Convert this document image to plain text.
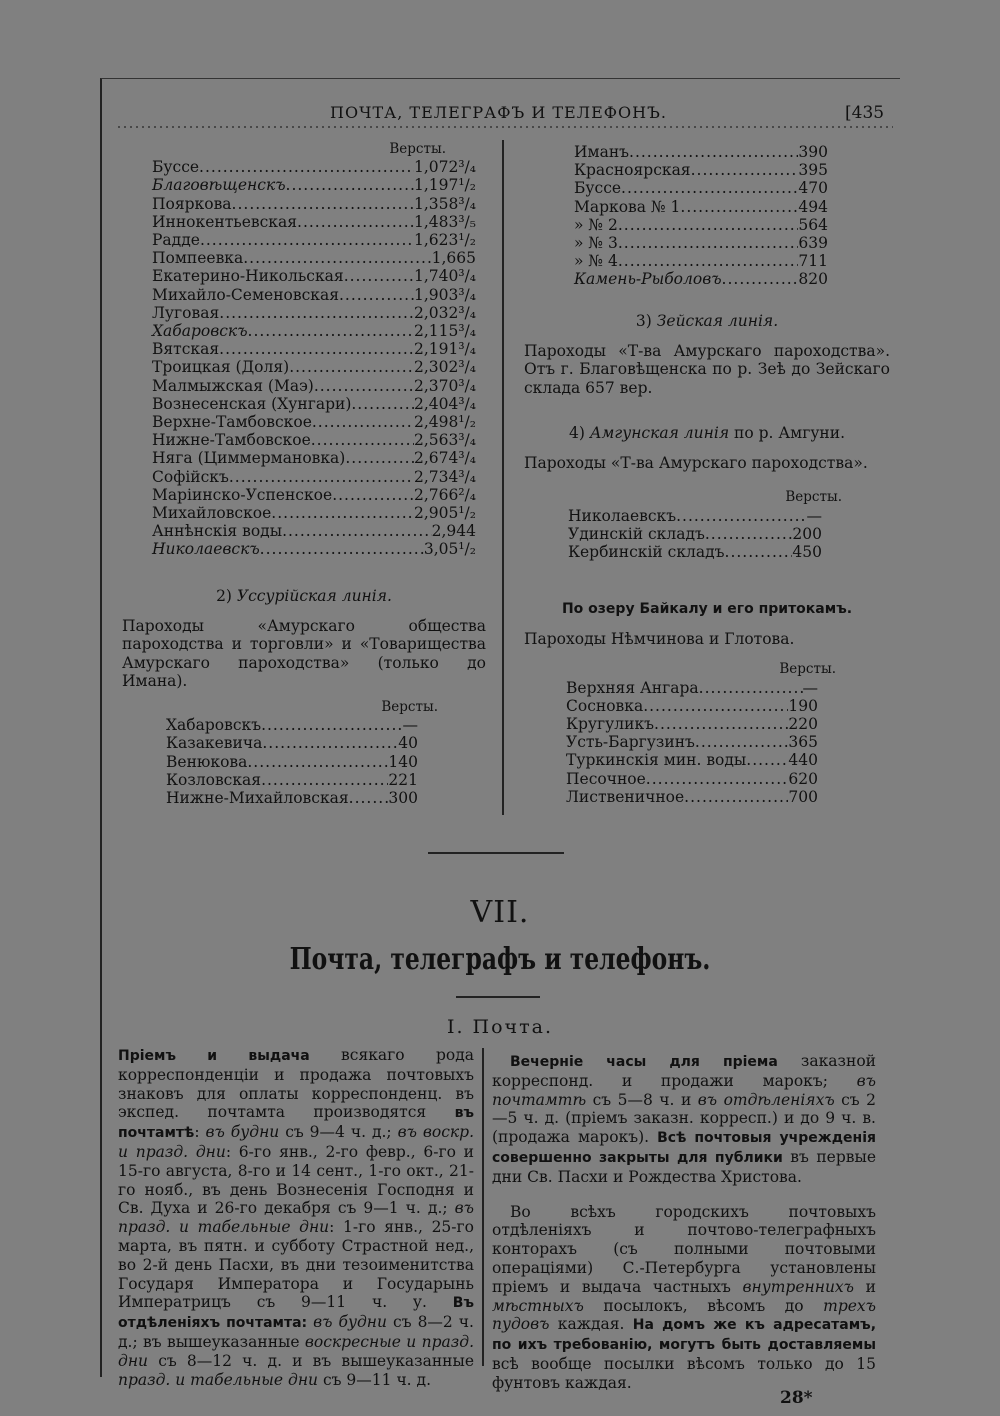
ПОЧТА, ТЕЛЕГРАФЪ И ТЕЛЕФОНЪ.	[435
Версты.
Буссе .....	1,072³/₄
Благовѣщенскъ .....	1,197¹/₂
Поярк​ова .....	1,358³/₄
Иннокентьевская .....	1,483³/₅
Радде .....	1,623¹/₂
Помпеевка .....	1,665
Екатерино-Никольская .....	1,740³/₄
Михайло-Семеновская .....	1,903³/₄
Луговая .....	2,032³/₄
Хабаровскъ .....	2,115³/₄
Вятская .....	2,191³/₄
Троицкая (Доля) .....	2,302³/₄
Малмыжская (Маэ) .....	2,370³/₄
Вознесенская (Хунгари) .....	2,404³/₄
Верхне-Тамбовское .....	2,498¹/₂
Нижне-Тамбовское .....	2,563³/₄
Няга (Циммермановка) .....	2,674³/₄
Софійскъ .....	2,734³/₄
Маріинско-Успенское .....	2,766²/₄
Михайловское .....	2,905¹/₂
Аннѣнскія воды .....	2,944
Николаевскъ .....	3,05¹/₂
2) Уссурійская линія.
Пароходы «Амурскаго общества пароходства и торговли» и «Товарищества Амурскаго пароходства» (только до Имана).
Версты.
Хабаровскъ .....	—
Казакевича .....	40
Венюкова .....	140
Козловская .....	221
Нижне-Михайловская .....	300
Иманъ .....	390
Красноярская .....	395
Буссе .....	470
Маркова № 1 .....	494
» № 2 .....	564
» № 3 .....	639
» № 4 .....	711
Камень-Рыболовъ .....	820
3) Зейская линія.
Пароходы «Т-ва Амурскаго пароходства». Отъ г. Благовѣщенска по р. Зеѣ до Зейскаго склада 657 вер.
4) Амгунская линія по р. Амгуни.
Пароходы «Т-ва Амурскаго пароходства».
Версты.
Николаевскъ .....	—
Удинскій складъ .....	200
Кербинскій складъ .....	450
По озеру Байкалу и его притокамъ.
Пароходы Нѣмчинова и Глотова.
Версты.
Верхняя Ангара .....	—
Сосновка .....	190
Кругуликъ .....	220
Усть-Баргузинъ .....	365
Туркинскія мин. воды .....	440
Песочное .....	620
Лиственичное .....	700
VII.
Почта, телеграфъ и телефонъ.
I. Почта.
Пріемъ и выдача всякаго рода корреспонденціи и продажа почтовыхъ знаковъ для оплаты корреспонденц. въ экспед. почтамта производятся въ почтамтѣ: въ будни съ 9—4 ч. д.; въ воскр. и празд. дни: 6-го янв., 2-го февр., 6-го и 15-го августа, 8-го и 14 сент., 1-го окт., 21-го нояб., въ день Вознесенія Господня и Св. Духа и 26-го декабря съ 9—1 ч. д.; въ празд. и табельные дни: 1-го янв., 25-го марта, въ пятн. и субботу Страстной нед., во 2-й день Пасхи, въ дни тезоименитства Государя Императора и Государынь Императрицъ съ 9—11 ч. у. Въ отдѣленіяхъ почтамта: въ будни съ 8—2 ч. д.; въ вышеуказанные воскресные и празд. дни съ 8—12 ч. д. и въ вышеуказанные празд. и табельные дни съ 9—11 ч. д.
Вечерніе часы для пріема заказной корреспонд. и продажи марокъ; въ почтамтѣ съ 5—8 ч. и въ отдѣленіяхъ съ 2—5 ч. д. (пріемъ заказн. корресп.) и до 9 ч. в. (продажа марокъ). Всѣ почтовыя учрежденія совершенно закрыты для публики въ первые дни Св. Пасхи и Рождества Христова.
Во всѣхъ городскихъ почтовыхъ отдѣленіяхъ и почтово-телеграфныхъ конторахъ (съ полными почтовыми операціями) С.-Петербурга установлены пріемъ и выдача частныхъ внутреннихъ и мѣстныхъ посылокъ, вѣсомъ до трехъ пудовъ каждая. На домъ же къ адресатамъ, по ихъ требованію, могутъ быть доставляемы всѣ вообще посылки вѣсомъ только до 15 фунтовъ каждая.
28*
